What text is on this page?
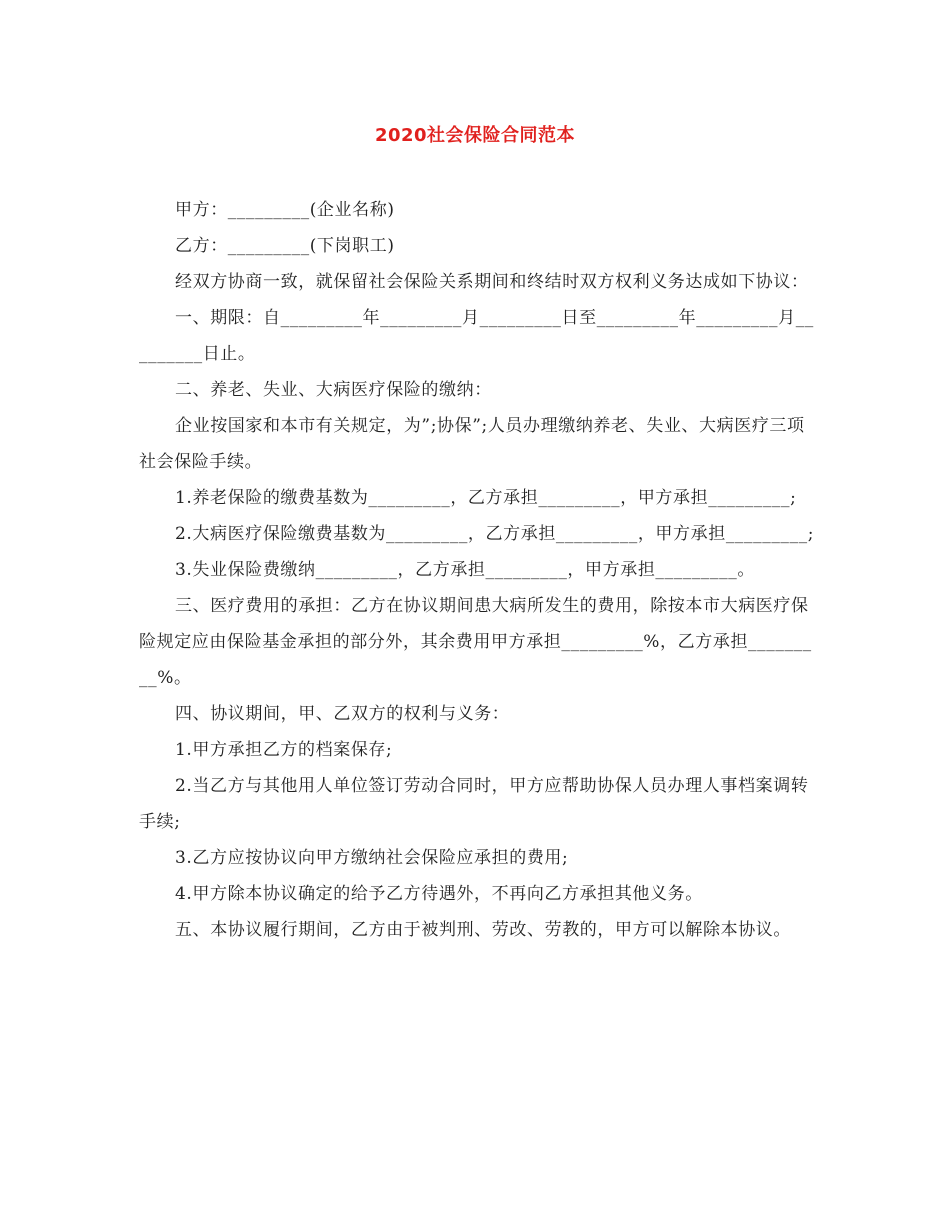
2020社会保险合同范本

甲方：_________(企业名称)

乙方：_________(下岗职工)

经双方协商一致，就保留社会保险关系期间和终结时双方权利义务达成如下协议：

一、期限：自_________年_________月_________日至_________年_________月_________日止。

二、养老、失业、大病医疗保险的缴纳：

企业按国家和本市有关规定，为”;协保”;人员办理缴纳养老、失业、大病医疗三项社会保险手续。

1.养老保险的缴费基数为_________，乙方承担_________，甲方承担_________;

2.大病医疗保险缴费基数为_________，乙方承担_________，甲方承担_________;

3.失业保险费缴纳_________，乙方承担_________，甲方承担_________。

三、医疗费用的承担：乙方在协议期间患大病所发生的费用，除按本市大病医疗保险规定应由保险基金承担的部分外，其余费用甲方承担_________%，乙方承担_________%。

四、协议期间，甲、乙双方的权利与义务：

1.甲方承担乙方的档案保存;

2.当乙方与其他用人单位签订劳动合同时，甲方应帮助协保人员办理人事档案调转手续;

3.乙方应按协议向甲方缴纳社会保险应承担的费用;

4.甲方除本协议确定的给予乙方待遇外，不再向乙方承担其他义务。

五、本协议履行期间，乙方由于被判刑、劳改、劳教的，甲方可以解除本协议。
